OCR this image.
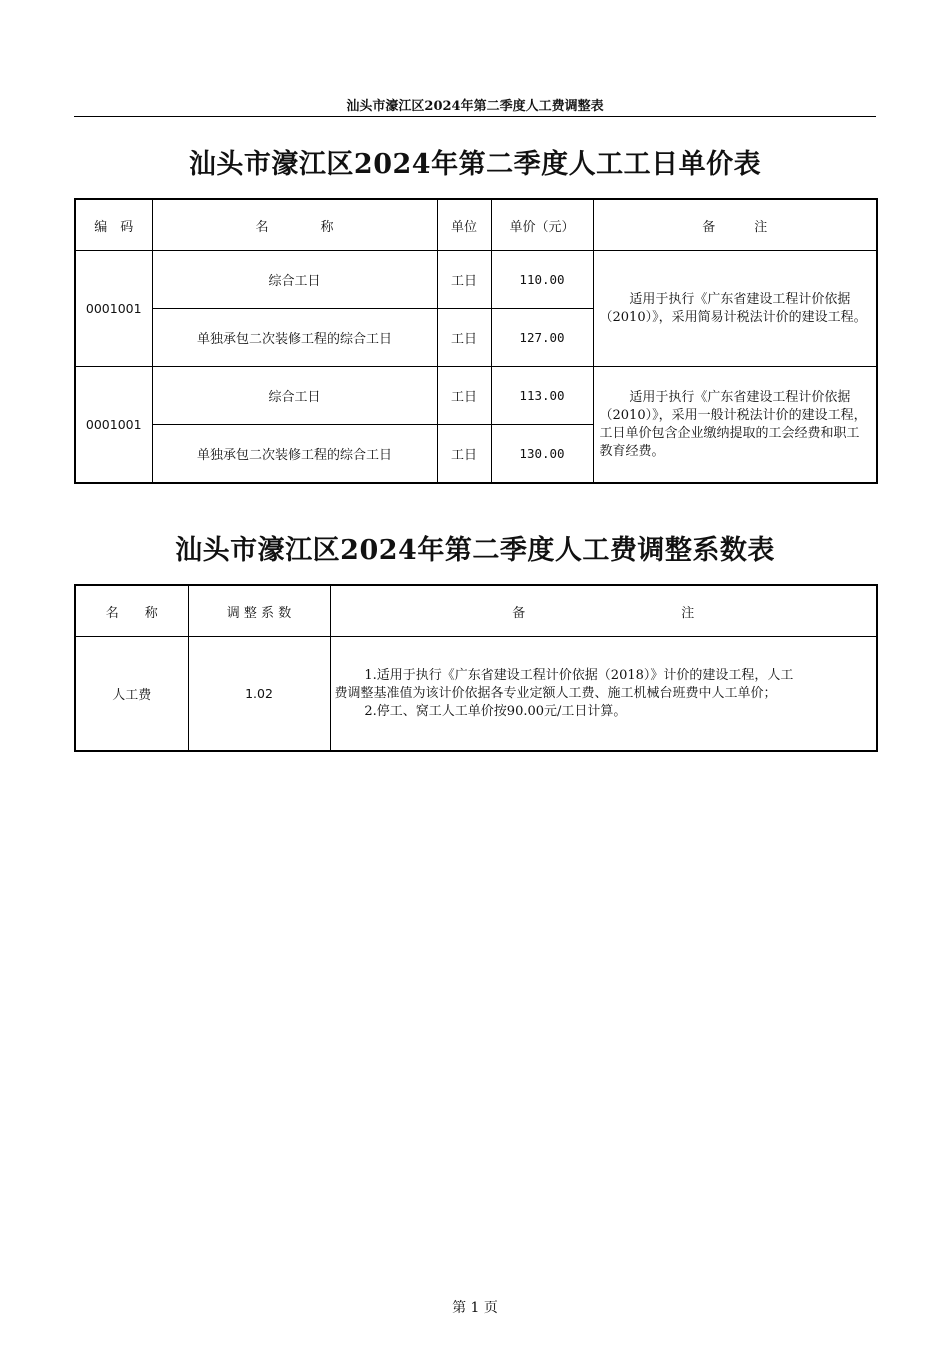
汕头市濠江区2024年第二季度人工费调整表
汕头市濠江区2024年第二季度人工工日单价表
编　码	名　　　　称	单位	单价（元）	备　　　注
0001001	综合工日	工日	110.00	适用于执行《广东省建设工程计价依据（2010）》，采用简易计税法计价的建设工程。

	单独承包二次装修工程的综合工日	工日	127.00	
0001001	综合工日	工日	113.00	适用于执行《广东省建设工程计价依据（2010）》，采用一般计税法计价的建设工程，工日单价包含企业缴纳提取的工会经费和职工教育经费。

	单独承包二次装修工程的综合工日	工日	130.00	
汕头市濠江区2024年第二季度人工费调整系数表
名　　称	调 整 系 数	备　　　　　　　　　　　　注
人工费	1.02	1.适用于执行《广东省建设工程计价依据（2018）》计价的建设工程，人工费调整基准值为该计价依据各专业定额人工费、施工机械台班费中人工单价；
2.停工、窝工人工单价按90.00元/工日计算。
第 1 页
